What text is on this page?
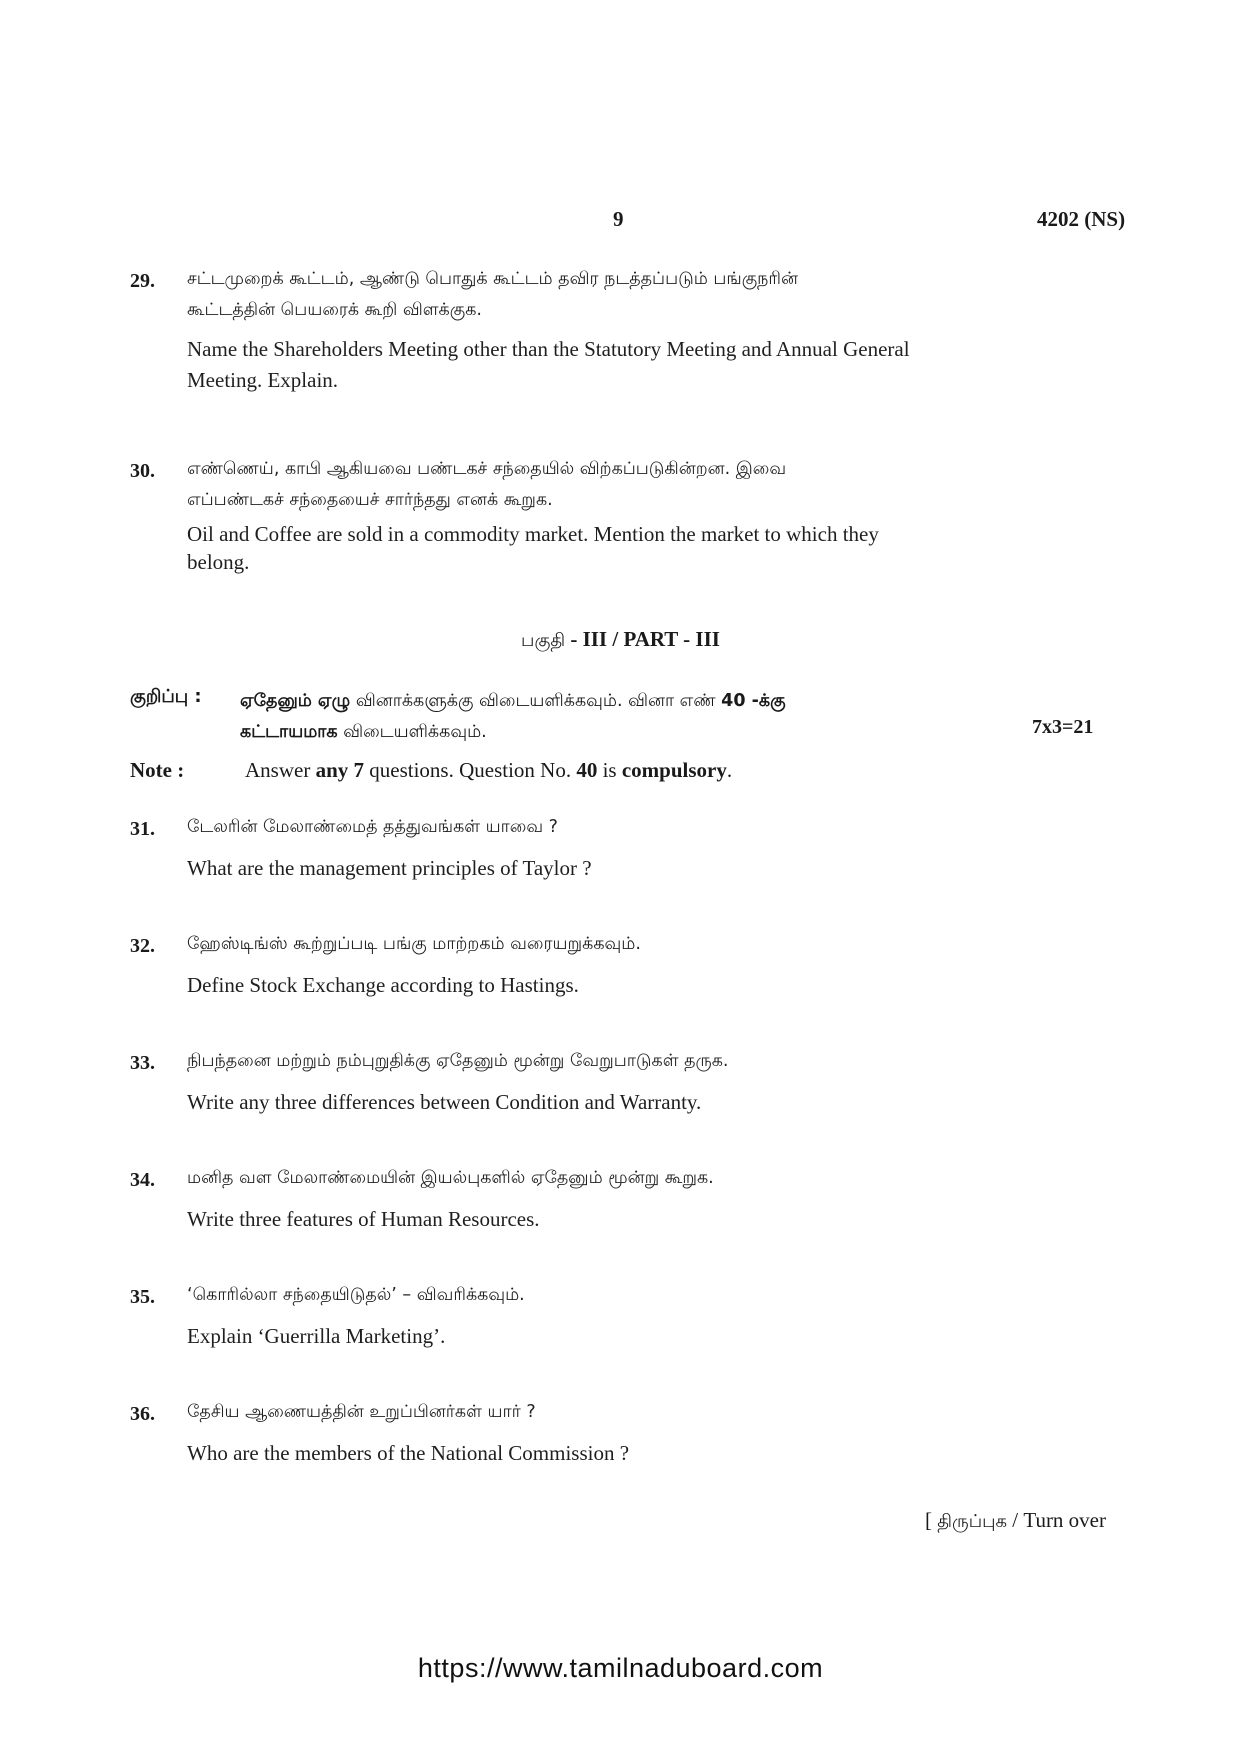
9	4202 (NS)
29. சட்டமுறைக் கூட்டம், ஆண்டு பொதுக் கூட்டம் தவிர நடத்தப்படும் பங்குநரின்
கூட்டத்தின் பெயரைக் கூறி விளக்குக.
Name the Shareholders Meeting other than the Statutory Meeting and Annual General
Meeting. Explain.
30. எண்ணெய், காபி ஆகியவை பண்டகச் சந்தையில் விற்கப்படுகின்றன. இவை
எப்பண்டகச் சந்தையைச் சார்ந்தது எனக் கூறுக.
Oil and Coffee are sold in a commodity market. Mention the market to which they
belong.
பகுதி - III / PART - III
குறிப்பு : ஏதேனும் ஏழு வினாக்களுக்கு விடையளிக்கவும். வினா எண் 40 -க்கு
கட்டாயமாக விடையளிக்கவும்.	7x3=21
Note :	Answer any 7 questions. Question No. 40 is compulsory.
31. டேலரின் மேலாண்மைத் தத்துவங்கள் யாவை ?
What are the management principles of Taylor ?
32. ஹேஸ்டிங்ஸ் கூற்றுப்படி பங்கு மாற்றகம் வரையறுக்கவும்.
Define Stock Exchange according to Hastings.
33. நிபந்தனை மற்றும் நம்புறுதிக்கு ஏதேனும் மூன்று வேறுபாடுகள் தருக.
Write any three differences between Condition and Warranty.
34. மனித வள மேலாண்மையின் இயல்புகளில் ஏதேனும் மூன்று கூறுக.
Write three features of Human Resources.
35. ‘கொரில்லா சந்தையிடுதல்’ – விவரிக்கவும்.
Explain ‘Guerrilla Marketing’.
36. தேசிய ஆணையத்தின் உறுப்பினர்கள் யார் ?
Who are the members of the National Commission ?
[ திருப்புக / Turn over
https://www.tamilnaduboard.com
